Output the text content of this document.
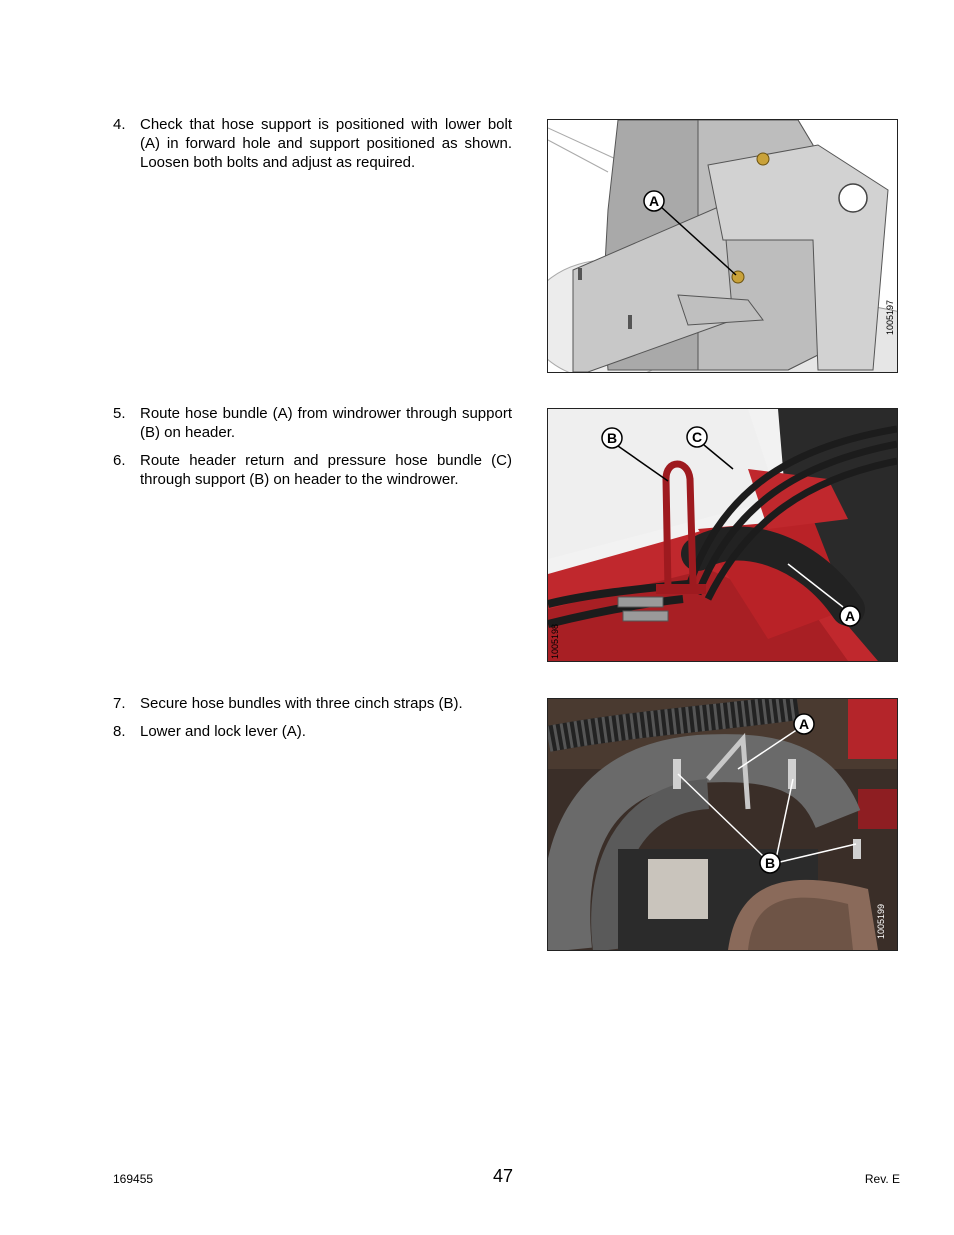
4. Check that hose support is positioned with lower bolt (A) in forward hole and support positioned as shown. Loosen both bolts and adjust as required.
5. Route hose bundle (A) from windrower through support (B) on header.
6. Route header return and pressure hose bundle (C) through support (B) on header to the windrower.
7. Secure hose bundles with three cinch straps (B).
8. Lower and lock lever (A).
A
1005197
B	C
A
1005198
A
B
1005199
169455	47	Rev. E
